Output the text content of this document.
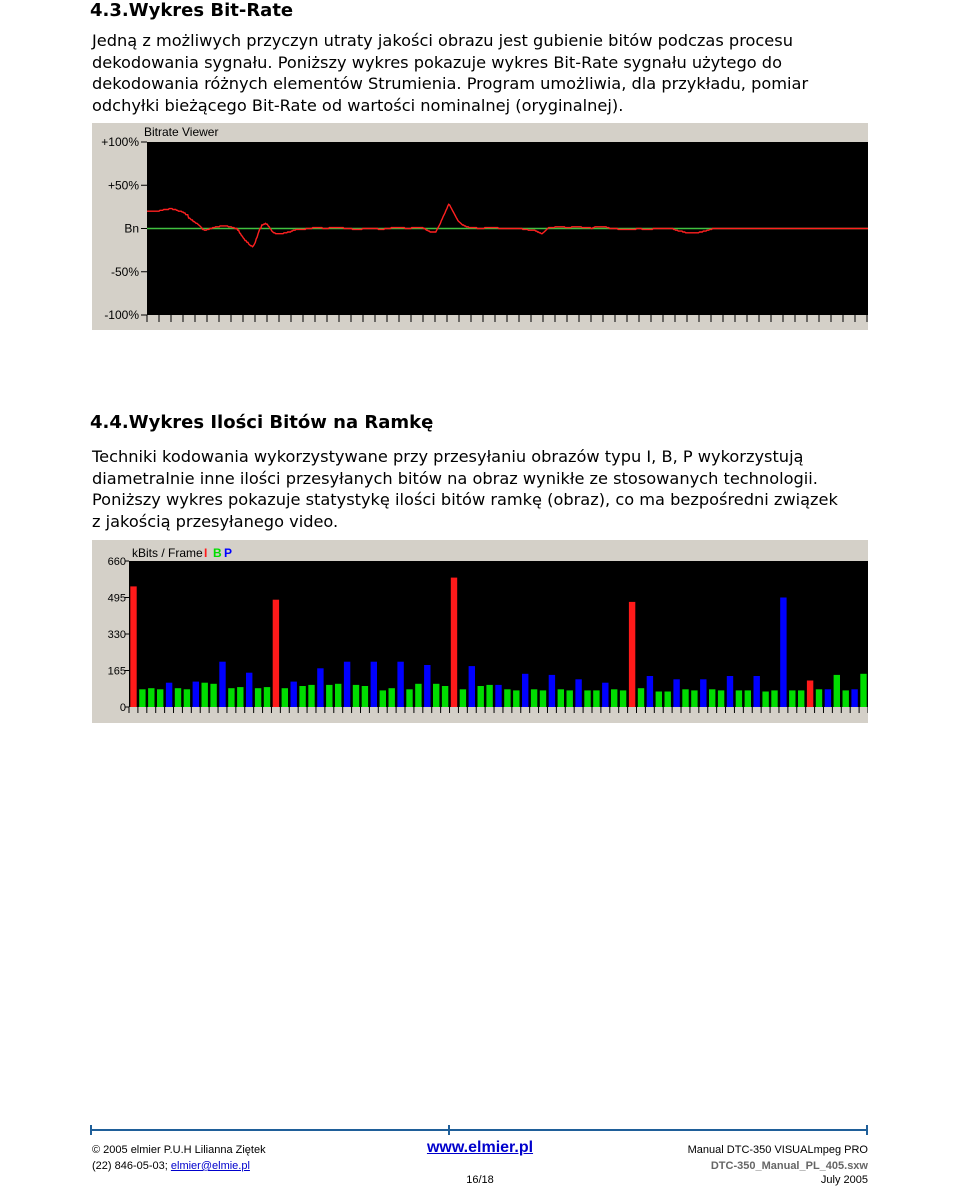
4.3.Wykres Bit-Rate
Jedną z możliwych przyczyn utraty jakości obrazu jest gubienie bitów podczas procesu
dekodowania sygnału. Poniższy wykres pokazuje wykres Bit-Rate sygnału użytego do
dekodowania różnych elementów Strumienia. Program umożliwia, dla przykładu, pomiar
odchyłki bieżącego Bit-Rate od wartości nominalnej (oryginalnej).
Bitrate Viewer
+100%
+50%
Bn
-50%
-100%
4.4.Wykres Ilości Bitów na Ramkę
Techniki kodowania wykorzystywane przy przesyłaniu obrazów typu I, B, P wykorzystują
diametralnie inne ilości przesyłanych bitów na obraz wynikłe ze stosowanych technologii.
Poniższy wykres pokazuje statystykę ilości bitów ramkę (obraz), co ma bezpośredni związek
z jakością przesyłanego video.
kBits / Frame I B P
660
495
330
165
0
© 2005 elmier P.U.H Lilianna Ziętek
(22) 846-05-03; elmier@elmie.pl
www.elmier.pl
16/18
Manual DTC-350 VISUALmpeg PRO
DTC-350_Manual_PL_405.sxw
July 2005
